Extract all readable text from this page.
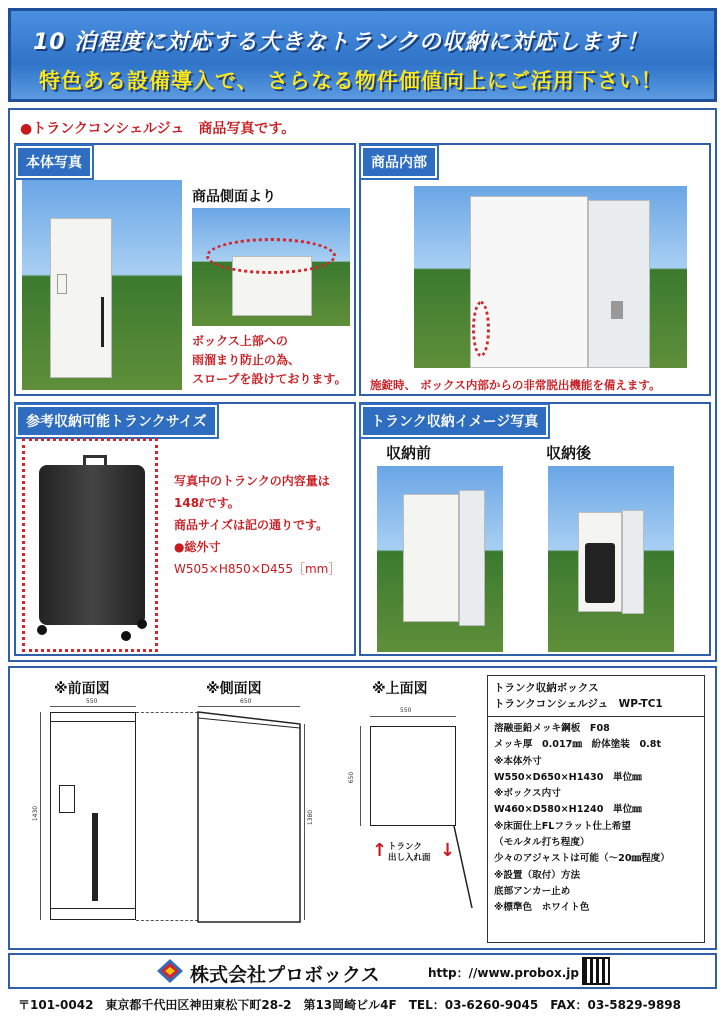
10 泊程度に対応する大きなトランクの収納に対応します！
特色ある設備導入で、 さらなる物件価値向上にご活用下さい！
●トランクコンシェルジュ　商品写真です。
本体写真
商品側面より
ボックス上部への
雨溜まり防止の為、
スロープを設けております。
商品内部
施錠時、 ボックス内部からの非常脱出機能を備えます。
参考収納可能トランクサイズ
写真中のトランクの内容量は
148ℓです。
商品サイズは記の通りです。
●総外寸
W505×H850×D455［mm］
トランク収納イメージ写真
収納前	収納後
※前面図	※側面図	※上面図
550
1430
650
1380
550
650
↑	↓
トランク
出し入れ面
トランク収納ボックス
トランクコンシェルジュ　WP-TC1
溶融亜鉛メッキ鋼板　F08
メッキ厚　0.017㎜　紛体塗装　0.8t
※本体外寸
W550×D650×H1430　単位㎜
※ボックス内寸
W460×D580×H1240　単位㎜
※床面仕上FLフラット仕上希望
（モルタル打ち程度）
少々のアジャストは可能（～20㎜程度）
※設置（取付）方法
底部アンカー止め
※標準色　ホワイト色
株式会社プロボックス	http：//www.probox.jp
〒101-0042　東京都千代田区神田東松下町28-2　第13岡崎ビル4F　TEL：03-6260-9045　FAX：03-5829-9898
